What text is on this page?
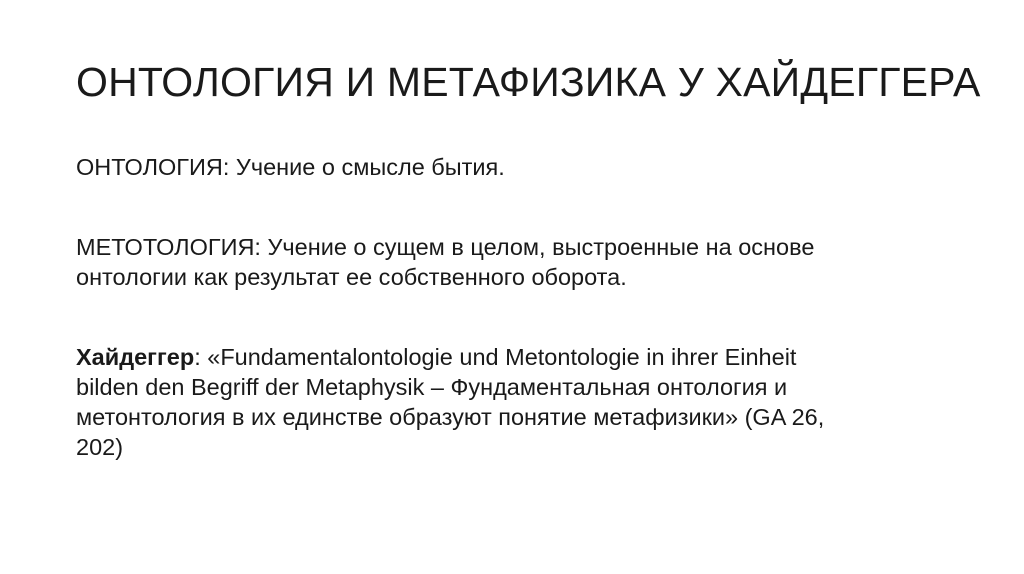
ОНТОЛОГИЯ И МЕТАФИЗИКА У ХАЙДЕГГЕРА

ОНТОЛОГИЯ: Учение о смысле бытия.

МЕТОТОЛОГИЯ: Учение о сущем в целом, выстроенные на основе
онтологии как результат ее собственного оборота.

Хайдеггер: «Fundamentalontologie und Metontologie in ihrer Einheit
bilden den Begriff der Metaphysik – Фундаментальная онтология и
метонтология в их единстве образуют понятие метафизики» (GA 26,
202)
